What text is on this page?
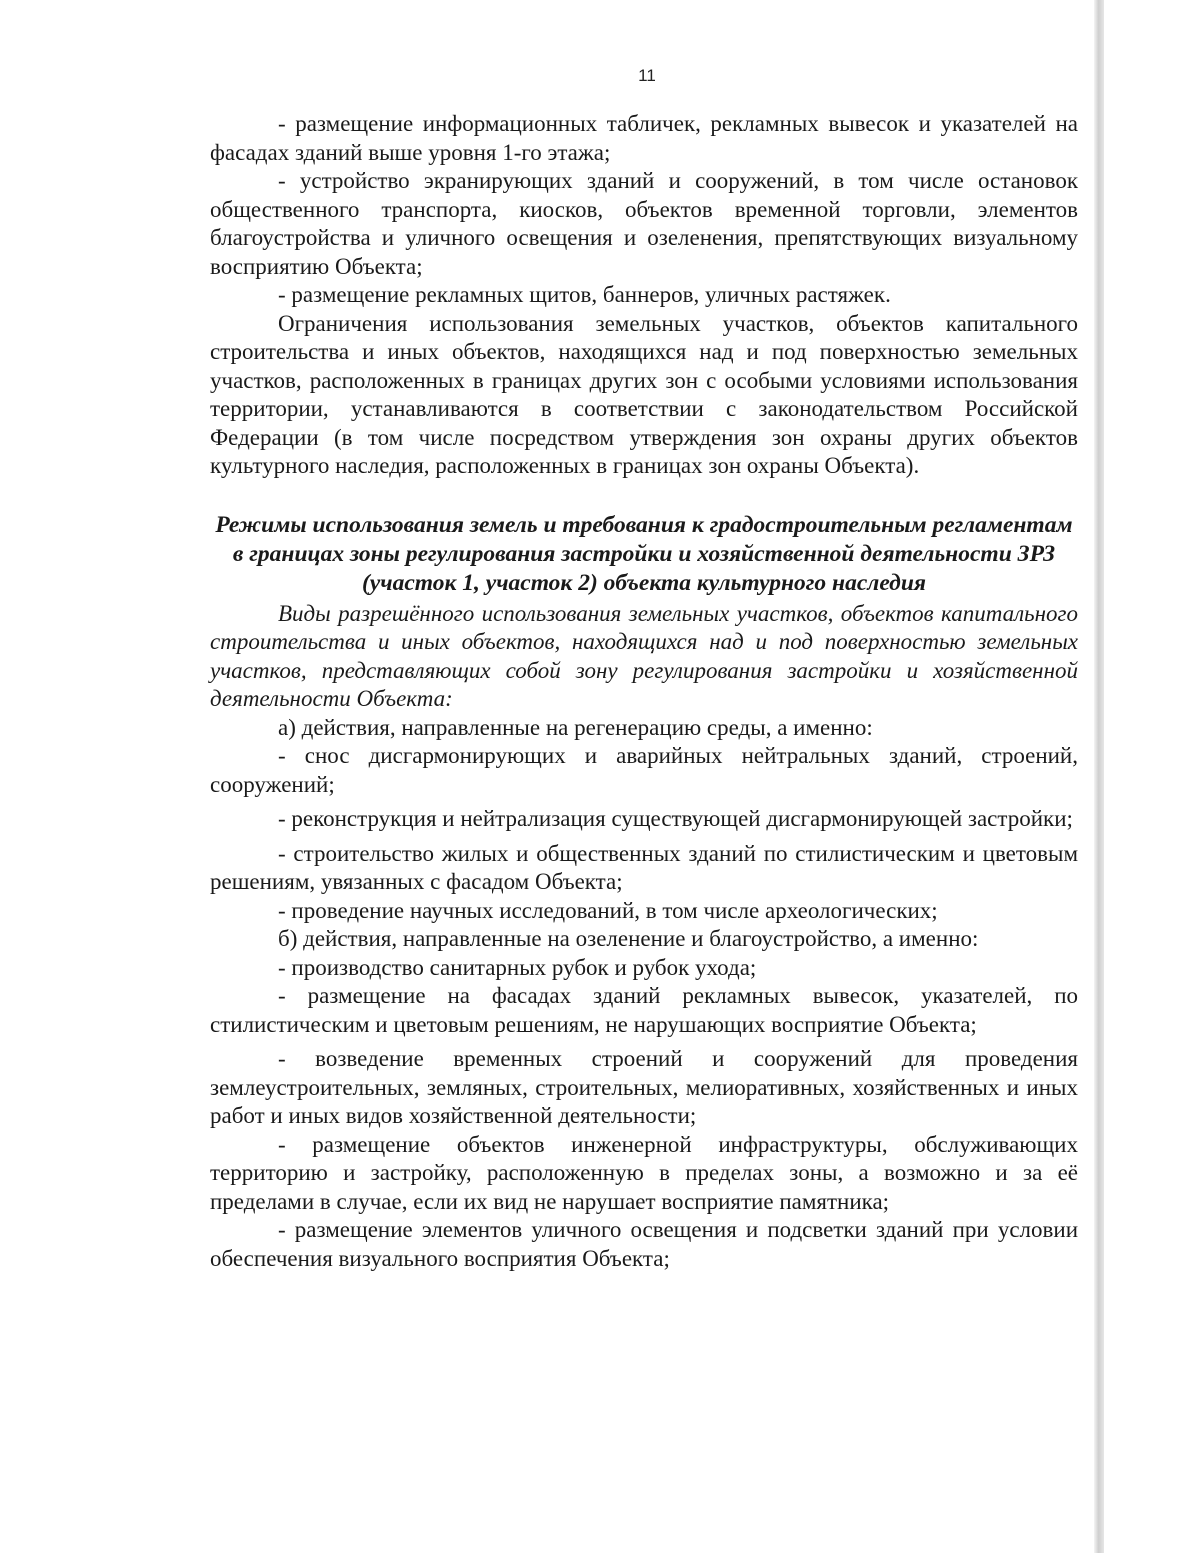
11

- размещение информационных табличек, рекламных вывесок и указателей на фасадах зданий выше уровня 1-го этажа;

- устройство экранирующих зданий и сооружений, в том числе остановок общественного транспорта, киосков, объектов временной торговли, элементов благоустройства и уличного освещения и озеленения, препятствующих визуальному восприятию Объекта;

- размещение рекламных щитов, баннеров, уличных растяжек.

Ограничения использования земельных участков, объектов капитального строительства и иных объектов, находящихся над и под поверхностью земельных участков, расположенных в границах других зон с особыми условиями использования территории, устанавливаются в соответствии с законодательством Российской Федерации (в том числе посредством утверждения зон охраны других объектов культурного наследия, расположенных в границах зон охраны Объекта).

Режимы использования земель и требования к градостроительным регламентам в границах зоны регулирования застройки и хозяйственной деятельности ЗРЗ (участок 1, участок 2) объекта культурного наследия

Виды разрешённого использования земельных участков, объектов капитального строительства и иных объектов, находящихся над и под поверхностью земельных участков, представляющих собой зону регулирования застройки и хозяйственной деятельности Объекта:

а) действия, направленные на регенерацию среды, а именно:

- снос дисгармонирующих и аварийных нейтральных зданий, строений, сооружений;

- реконструкция и нейтрализация существующей дисгармонирующей застройки;

- строительство жилых и общественных зданий по стилистическим и цветовым решениям, увязанных с фасадом Объекта;

- проведение научных исследований, в том числе археологических;

б) действия, направленные на озеленение и благоустройство, а именно:

- производство санитарных рубок и рубок ухода;

- размещение на фасадах зданий рекламных вывесок, указателей, по стилистическим и цветовым решениям, не нарушающих восприятие Объекта;

- возведение временных строений и сооружений для проведения землеустроительных, земляных, строительных, мелиоративных, хозяйственных и иных работ и иных видов хозяйственной деятельности;

- размещение объектов инженерной инфраструктуры, обслуживающих территорию и застройку, расположенную в пределах зоны, а возможно и за её пределами в случае, если их вид не нарушает восприятие памятника;

- размещение элементов уличного освещения и подсветки зданий при условии обеспечения визуального восприятия Объекта;
